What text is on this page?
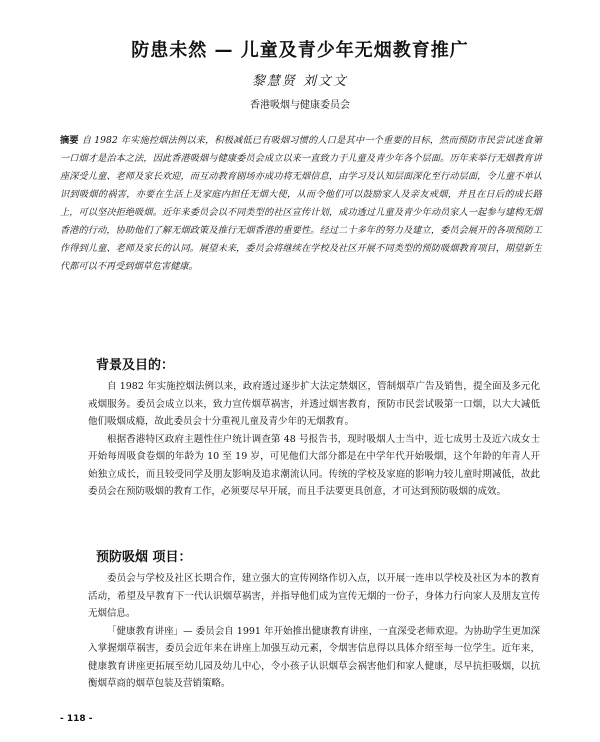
防患未然 — 儿童及青少年无烟教育推广
黎慧贤 刘文文
香港吸烟与健康委员会
摘要 自 1982 年实施控烟法例以来，积极减低已有吸烟习惯的人口是其中一个重要的目标，然而预防市民尝试迷食第一口烟才是治本之法，因此香港吸烟与健康委员会成立以来一直致力于儿童及青少年各个层面。历年来举行无烟教育讲座深受儿童、老师及家长欢迎，而互动教育剧场亦成功将无烟信息，由学习及认知层面深化至行动层面，令儿童不单认识到吸烟的祸害，亦要在生活上及家庭内担任无烟大使，从而令他们可以鼓励家人及亲友戒烟，并且在日后的成长路上，可以坚决拒绝吸烟。近年来委员会以不同类型的社区宣传计划，成功透过儿童及青少年动员家人一起参与建构无烟香港的行动，协助他们了解无烟政策及推行无烟香港的重要性。经过二十多年的努力及建立，委员会展开的各项预防工作得到儿童、老师及家长的认同。展望未来，委员会将继续在学校及社区开展不同类型的预防吸烟教育项目，期望新生代都可以不再受到烟草危害健康。
背景及目的：

自 1982 年实施控烟法例以来，政府透过逐步扩大法定禁烟区，管制烟草广告及销售，提全面及多元化戒烟服务。委员会成立以来，致力宣传烟草祸害，并透过烟害教育，预防市民尝试吸第一口烟，以大大减低他们吸烟成瘾，故此委员会十分重视儿童及青少年的无烟教育。

根据香港特区政府主题性住户统计调查第 48 号报告书，现时吸烟人士当中，近七成男士及近六成女士开始每周吸食卷烟的年龄为 10 至 19 岁，可见他们大部分都是在中学年代开始吸烟，这个年龄的年青人开始独立成长，而且较受同学及朋友影响及追求潮流认同。传统的学校及家庭的影响力较儿童时期减低，故此委员会在预防吸烟的教育工作，必须要尽早开展，而且手法要更具创意，才可达到预防吸烟的成效。

预防吸烟 项目：

委员会与学校及社区长期合作，建立强大的宣传网络作切入点，以开展一连串以学校及社区为本的教育活动，希望及早教育下一代认识烟草祸害，并指导他们成为宣传无烟的一份子，身体力行向家人及朋友宣传无烟信息。

「健康教育讲座」— 委员会自 1991 年开始推出健康教育讲座，一直深受老师欢迎。为协助学生更加深入掌握烟草祸害，委员会近年来在讲座上加强互动元素，令烟害信息得以具体介绍至每一位学生。近年来，健康教育讲座更拓展至幼儿园及幼儿中心，令小孩子认识烟草会祸害他们和家人健康，尽早抗拒吸烟，以抗衡烟草商的烟草包装及营销策略。

- 118 -
